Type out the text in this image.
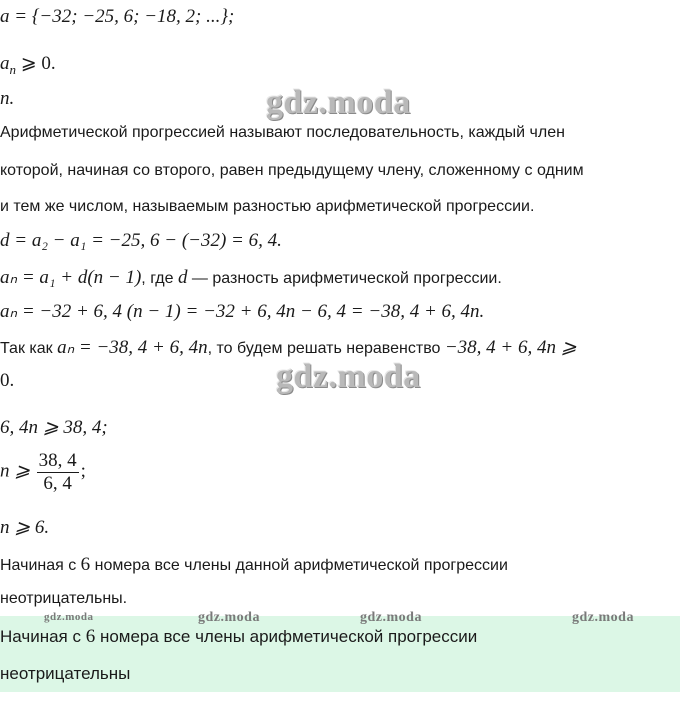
a = {−32; −25, 6; −18, 2; ...};
$a_n$ ⩾ 0.
n.	gdz.moda
Арифметической прогрессией называют последовательность, каждый член
которой, начиная со второго, равен предыдущему члену, сложенному с одним
и тем же числом, называемым разностью арифметической прогрессии.
d = a₂ − a₁ = −25, 6 − (−32) = 6, 4.
aₙ = a₁ + d(n − 1), где d — разность арифметической прогрессии.
aₙ = −32 + 6, 4 (n − 1) = −32 + 6, 4n − 6, 4 = −38, 4 + 6, 4n.
Так как aₙ = −38, 4 + 6, 4n, то будем решать неравенство −38, 4 + 6, 4n ⩾
0.	gdz.moda
6, 4n ⩾ 38, 4;
n ⩾ $\frac{38, 4}{6, 4}$ ;
n ⩾ 6.
Начиная с 6 номера все члены данной арифметической прогрессии
неотрицательны.
gdz.moda	gdz.moda	gdz.moda	gdz.moda
Начиная с 6 номера все члены арифметической прогрессии
неотрицательны
